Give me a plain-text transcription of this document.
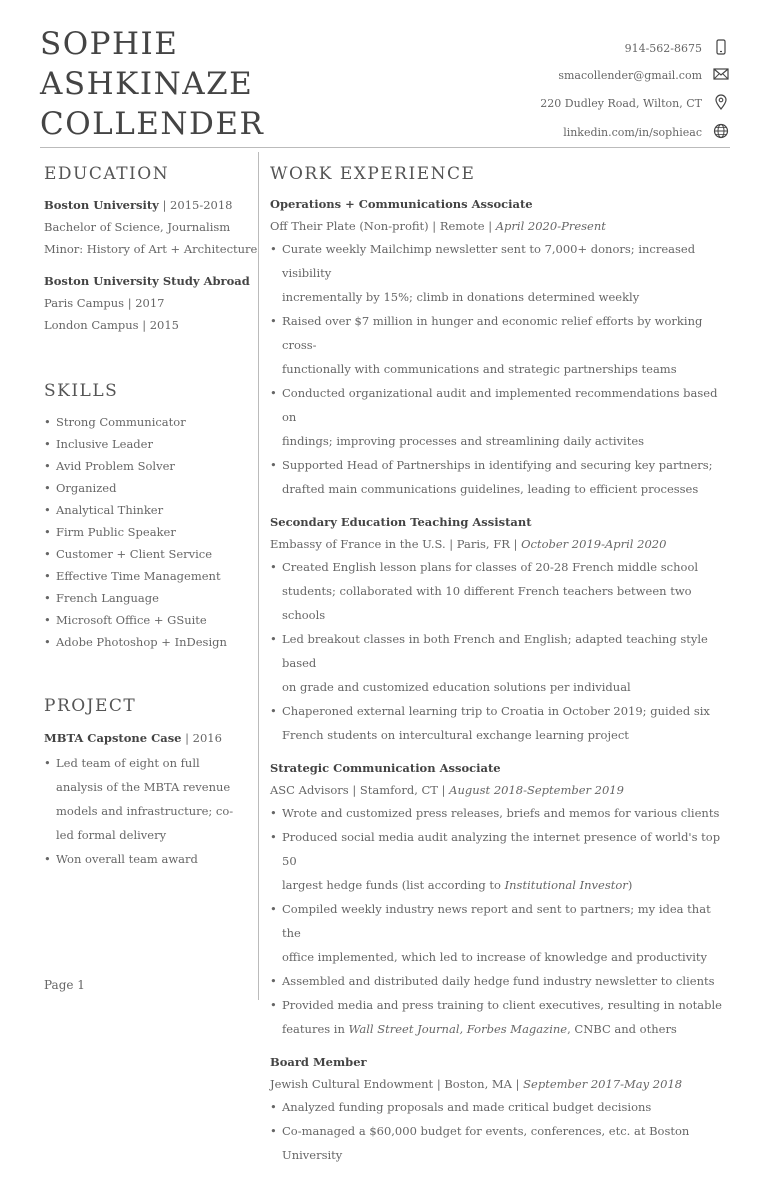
SOPHIE
ASHKINAZE
COLLENDER
914-562-8675
smacollender@gmail.com
220 Dudley Road, Wilton, CT
linkedin.com/in/sophieac
EDUCATION
Boston University | 2015-2018
Bachelor of Science, Journalism
Minor: History of Art + Architecture
Boston University Study Abroad
Paris Campus | 2017
London Campus | 2015
SKILLS
• Strong Communicator
• Inclusive Leader
• Avid Problem Solver
• Organized
• Analytical Thinker
• Firm Public Speaker
• Customer + Client Service
• Effective Time Management
• French Language
• Microsoft Office + GSuite
• Adobe Photoshop + InDesign
PROJECT
MBTA Capstone Case | 2016
• Led team of eight on full
analysis of the MBTA revenue
models and infrastructure; co-
led formal delivery
• Won overall team award
WORK EXPERIENCE
Operations + Communications Associate
Off Their Plate (Non-profit) | Remote | April 2020-Present
• Curate weekly Mailchimp newsletter sent to 7,000+ donors; increased visibility
incrementally by 15%; climb in donations determined weekly
• Raised over $7 million in hunger and economic relief efforts by working cross-
functionally with communications and strategic partnerships teams
• Conducted organizational audit and implemented recommendations based on
findings; improving processes and streamlining daily activites
• Supported Head of Partnerships in identifying and securing key partners;
drafted main communications guidelines, leading to efficient processes
Secondary Education Teaching Assistant
Embassy of France in the U.S. | Paris, FR | October 2019-April 2020
• Created English lesson plans for classes of 20-28 French middle school
students; collaborated with 10 different French teachers between two schools
• Led breakout classes in both French and English; adapted teaching style based
on grade and customized education solutions per individual
• Chaperoned external learning trip to Croatia in October 2019; guided six
French students on intercultural exchange learning project
Strategic Communication Associate
ASC Advisors | Stamford, CT | August 2018-September 2019
• Wrote and customized press releases, briefs and memos for various clients
• Produced social media audit analyzing the internet presence of world's top 50
largest hedge funds (list according to Institutional Investor)
• Compiled weekly industry news report and sent to partners; my idea that the
office implemented, which led to increase of knowledge and productivity
• Assembled and distributed daily hedge fund industry newsletter to clients
• Provided media and press training to client executives, resulting in notable
features in Wall Street Journal, Forbes Magazine, CNBC and others
Board Member
Jewish Cultural Endowment | Boston, MA | September 2017-May 2018
• Analyzed funding proposals and made critical budget decisions
• Co-managed a $60,000 budget for events, conferences, etc. at Boston University
Page 1
